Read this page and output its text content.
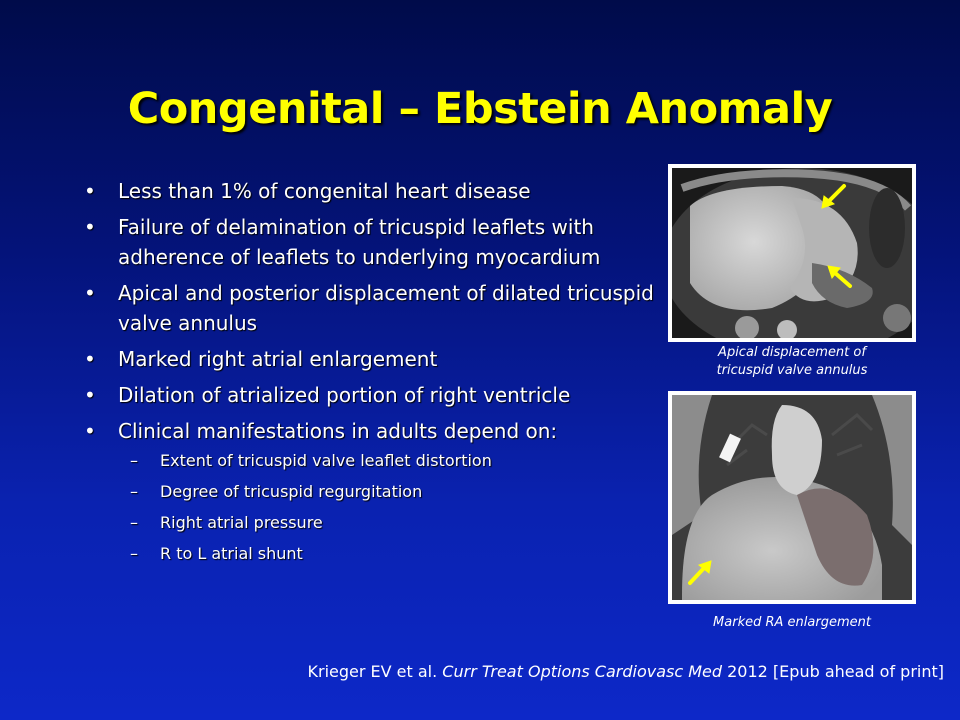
Congenital – Ebstein Anomaly
• Less than 1% of congenital heart disease
• Failure of delamination of tricuspid leaflets with adherence of leaflets to underlying myocardium
• Apical and posterior displacement of dilated tricuspid valve annulus
• Marked right atrial enlargement
• Dilation of atrialized portion of right ventricle
• Clinical manifestations in adults depend on:
– Extent of tricuspid valve leaflet distortion
– Degree of tricuspid regurgitation
– Right atrial pressure
– R to L atrial shunt
Apical displacement of
tricuspid valve annulus
Marked RA enlargement
Krieger EV et al. Curr Treat Options Cardiovasc Med 2012 [Epub ahead of print]
